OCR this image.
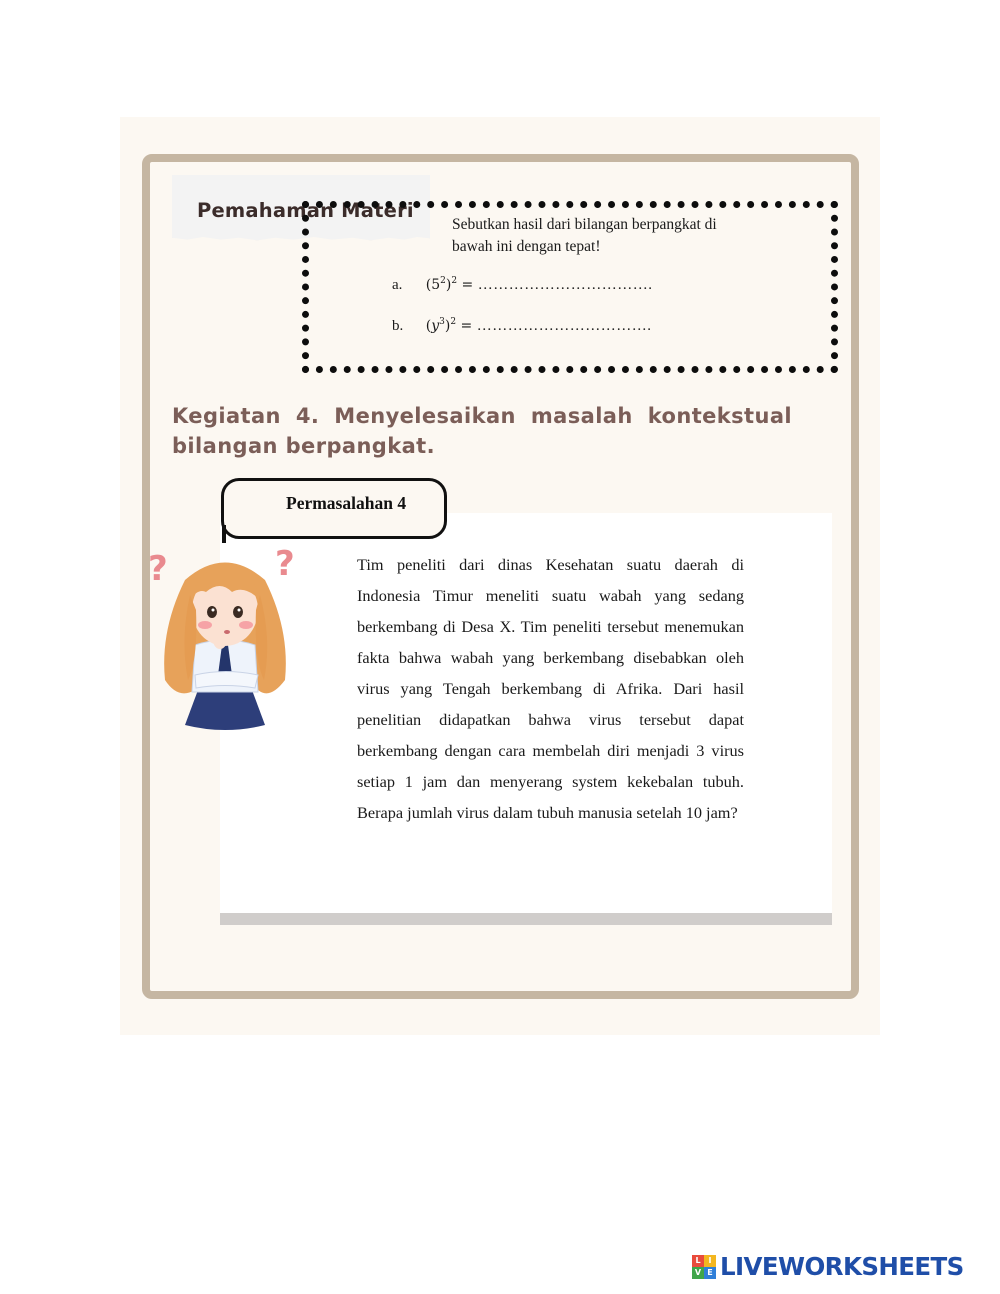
Pemahaman Materi
Sebutkan hasil dari bilangan berpangkat di bawah ini dengan tepat!
a. $(5^2)^2$ = …………………………….
b. $(y^3)^2$ = …………………………….
Kegiatan 4. Menyelesaikan masalah kontekstual bilangan berpangkat.
Permasalahan 4
Tim peneliti dari dinas Kesehatan suatu daerah di Indonesia Timur meneliti suatu wabah yang sedang berkembang di Desa X. Tim peneliti tersebut menemukan fakta bahwa wabah yang berkembang disebabkan oleh virus yang Tengah berkembang di Afrika. Dari hasil penelitian didapatkan bahwa virus tersebut dapat berkembang dengan cara membelah diri menjadi 3 virus setiap 1 jam dan menyerang system kekebalan tubuh. Berapa jumlah virus dalam tubuh manusia setelah 10 jam?
?	?
L I
V E LIVEWORKSHEETS
